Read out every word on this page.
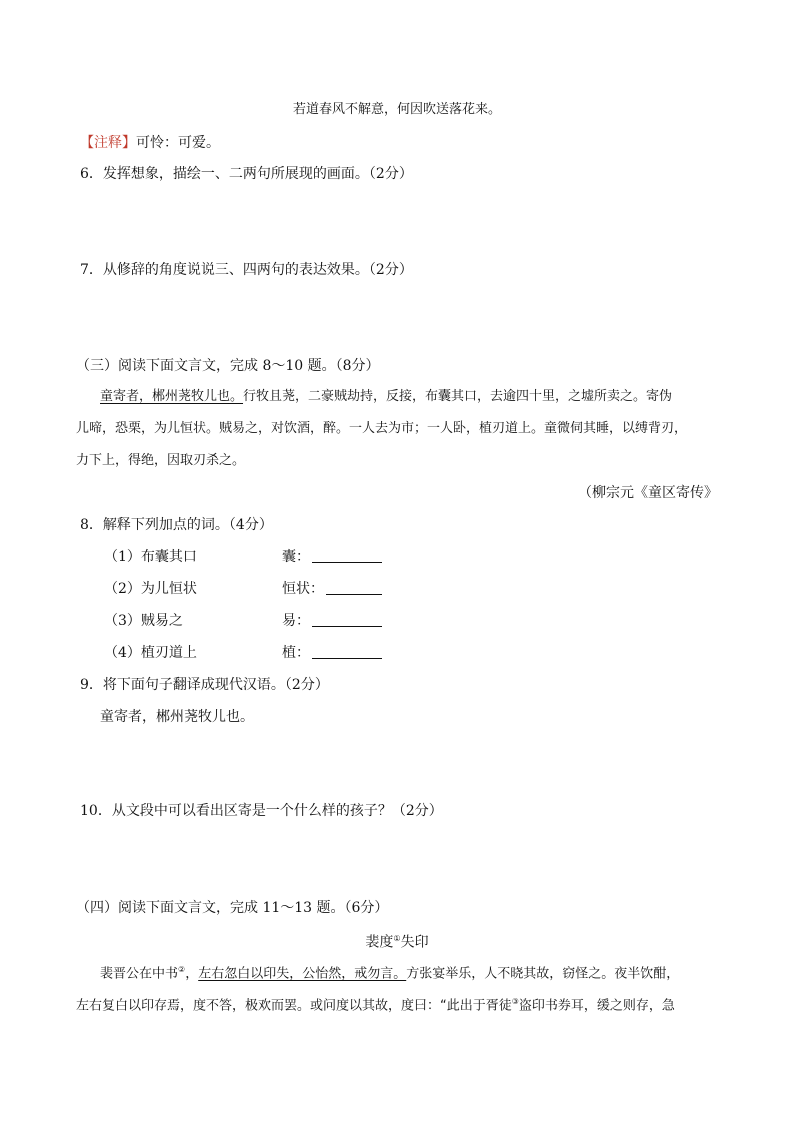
若道春风不解意，何因吹送落花来。
【注释】可怜：可爱。
6．发挥想象，描绘一、二两句所展现的画面。（2分）
7．从修辞的角度说说三、四两句的表达效果。（2分）
（三）阅读下面文言文，完成 8～10 题。（8分）
童寄者，郴州荛牧儿也。行牧且荛，二豪贼劫持，反接，布囊其口，去逾四十里，之墟所卖之。寄伪
儿啼，恐栗，为儿恒状。贼易之，对饮酒，醉。一人去为市；一人卧，植刃道上。童微伺其睡，以缚背刃，
力下上，得绝，因取刃杀之。
（柳宗元《童区寄传》
8．解释下列加点的词。（4分）
（1）布囊其口	囊：
（2）为儿恒状	恒状：
（3）贼易之	易：
（4）植刃道上	植：
9．将下面句子翻译成现代汉语。（2分）
童寄者，郴州荛牧儿也。
10．从文段中可以看出区寄是一个什么样的孩子？（2分）
（四）阅读下面文言文，完成 11～13 题。（6分）
裴度①失印
裴晋公在中书②，左右忽白以印失，公怡然，戒勿言。方张宴举乐，人不晓其故，窃怪之。夜半饮酣，
左右复白以印存焉，度不答，极欢而罢。或问度以其故，度曰：“此出于胥徒③盗印书券耳，缓之则存，急
